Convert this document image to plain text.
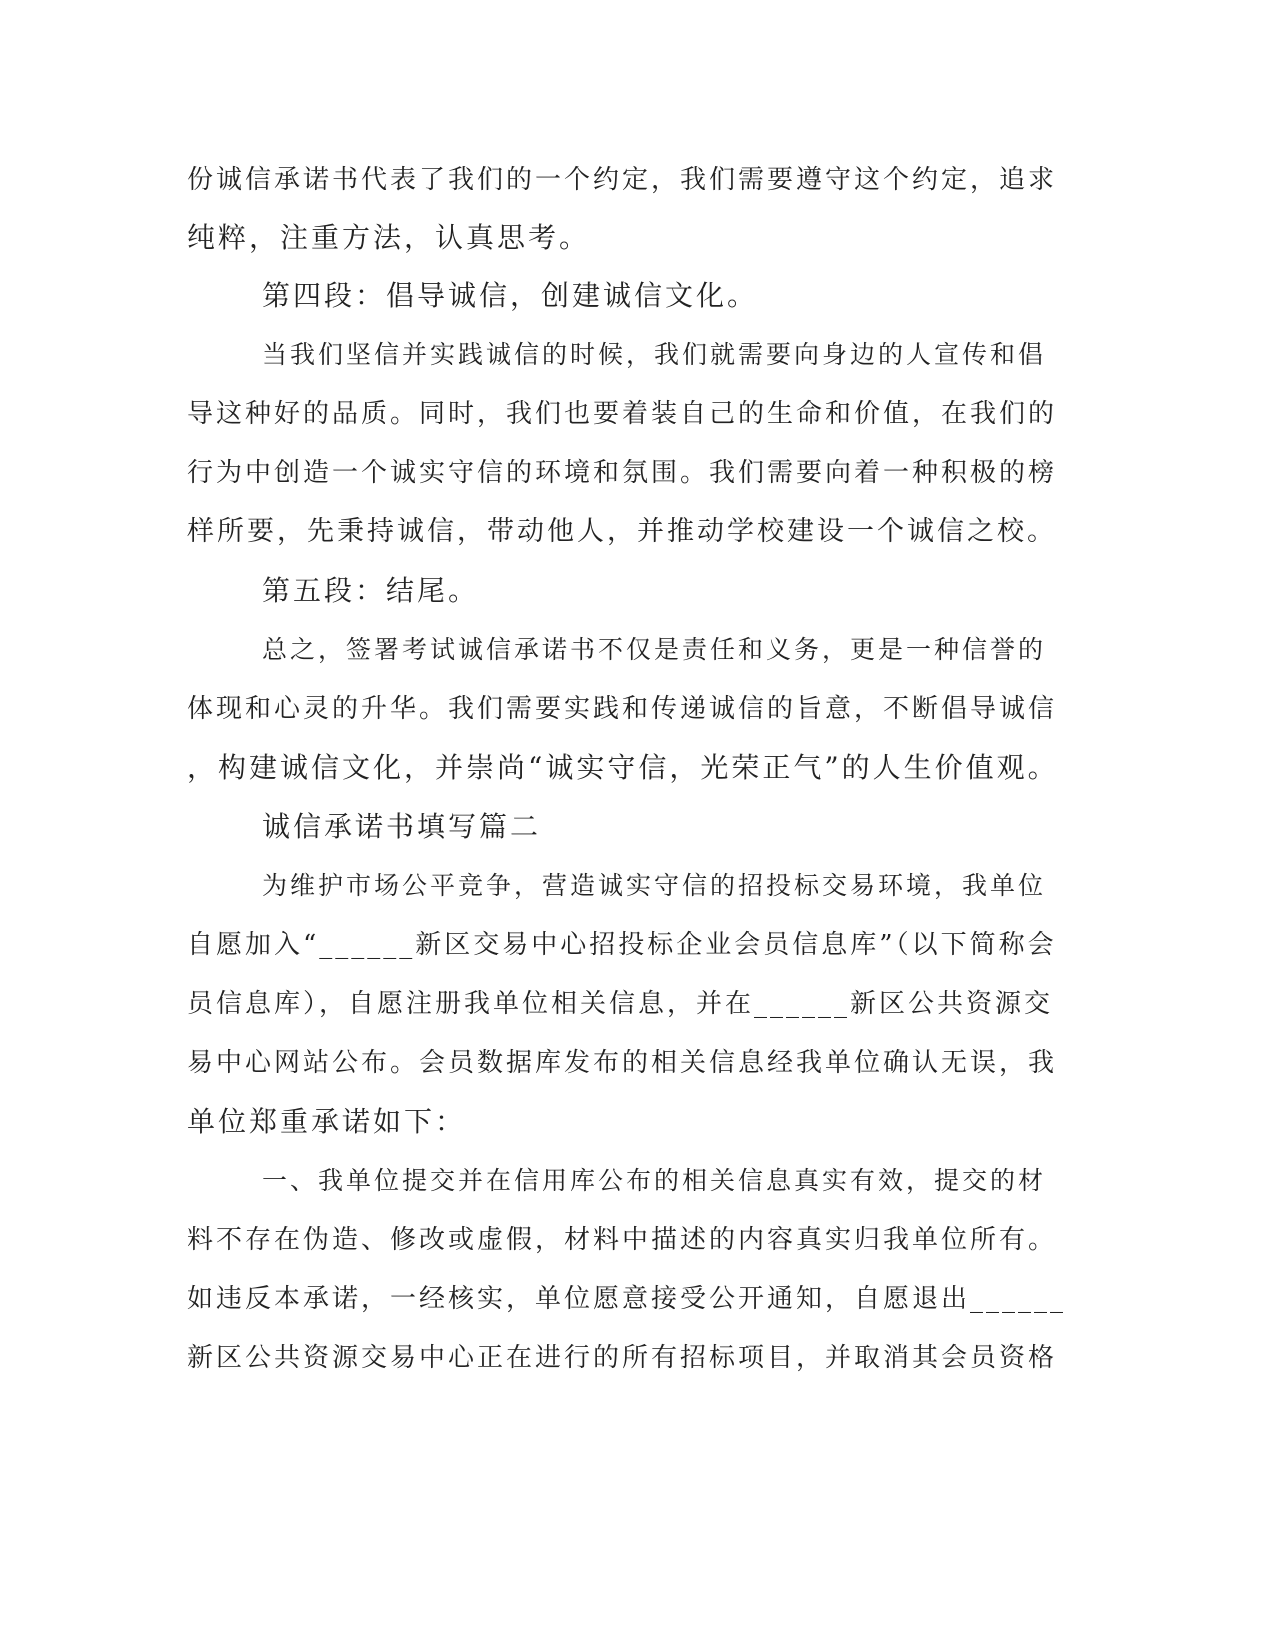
份诚信承诺书代表了我们的一个约定，我们需要遵守这个约定，追求
纯粹，注重方法，认真思考。
第四段：倡导诚信，创建诚信文化。
当我们坚信并实践诚信的时候，我们就需要向身边的人宣传和倡
导这种好的品质。同时，我们也要着装自己的生命和价值，在我们的
行为中创造一个诚实守信的环境和氛围。我们需要向着一种积极的榜
样所要，先秉持诚信，带动他人，并推动学校建设一个诚信之校。
第五段：结尾。
总之，签署考试诚信承诺书不仅是责任和义务，更是一种信誉的
体现和心灵的升华。我们需要实践和传递诚信的旨意，不断倡导诚信
，构建诚信文化，并崇尚“诚实守信，光荣正气”的人生价值观。
诚信承诺书填写篇二
为维护市场公平竞争，营造诚实守信的招投标交易环境，我单位
自愿加入“______新区交易中心招投标企业会员信息库”（以下简称会
员信息库），自愿注册我单位相关信息，并在______新区公共资源交
易中心网站公布。会员数据库发布的相关信息经我单位确认无误，我
单位郑重承诺如下：
一、我单位提交并在信用库公布的相关信息真实有效，提交的材
料不存在伪造、修改或虚假，材料中描述的内容真实归我单位所有。
如违反本承诺，一经核实，单位愿意接受公开通知，自愿退出______
新区公共资源交易中心正在进行的所有招标项目，并取消其会员资格
